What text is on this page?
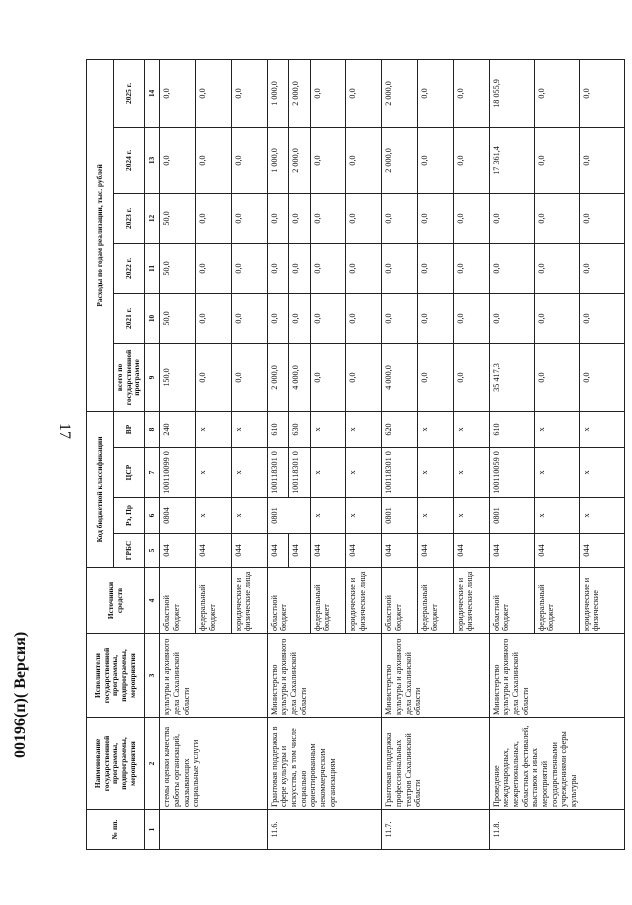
17
00196(п)( Версия)
№ пп.	Наименование государственной программы, подпрограммы, мероприятия	Исполнители государственной программы, подпрограммы, мероприятия	Источники средств	Код бюджетной классификации				Расходы по годам реализации, тыс. рублей					
				ГРБС	Рз, Пр	ЦСР	ВР	всего по государственной программе	2021 г.	2022 г.	2023 г.	2024 г.	2025 г.
1	2	3	4	5	6	7	8	9	10	11	12	13	14
	стемы оценки качества работы организаций, оказывающих социальные услуги	культуры и архивного дела Сахалинской области	областной бюджет	044	0804	100110099 0	240	150,0	50,0	50,0	50,0	0,0	0,0
			федеральный бюджет	044	х	х	х	0,0	0,0	0,0	0,0	0,0	0,0
			юридические и физические лица	044	х	х	х	0,0	0,0	0,0	0,0	0,0	0,0
11.6.	Грантовая поддержка в сфере культуры и искусства, в том числе социально ориентированным некоммерческим организациям	Министерство культуры и архивного дела Сахалинской области	областной бюджет	044	0801	100118301 0	610	2 000,0	0,0	0,0	0,0	1 000,0	1 000,0
				044		100118301 0	630	4 000,0	0,0	0,0	0,0	2 000,0	2 000,0
			федеральный бюджет	044	х	х	х	0,0	0,0	0,0	0,0	0,0	0,0
			юридические и физические лица	044	х	х	х	0,0	0,0	0,0	0,0	0,0	0,0
11.7.	Грантовая поддержка профессиональных театров Сахалинской области	Министерство культуры и архивного дела Сахалинской области	областной бюджет	044	0801	100118301 0	620	4 000,0	0,0	0,0	0,0	2 000,0	2 000,0
			федеральный бюджет	044	х	х	х	0,0	0,0	0,0	0,0	0,0	0,0
			юридические и физические лица	044	х	х	х	0,0	0,0	0,0	0,0	0,0	0,0
11.8.	Проведение международных, межрегиональных, областных фестивалей, выставок и иных мероприятий государственными учреждениями сферы культуры	Министерство культуры и архивного дела Сахалинской области	областной бюджет	044	0801	100110059 0	610	35 417,3	0,0	0,0	0,0	17 361,4	18 055,9
			федеральный бюджет	044	х	х	х	0,0	0,0	0,0	0,0	0,0	0,0
			юридические и физические	044	х	х	х	0,0	0,0	0,0	0,0	0,0	0,0
